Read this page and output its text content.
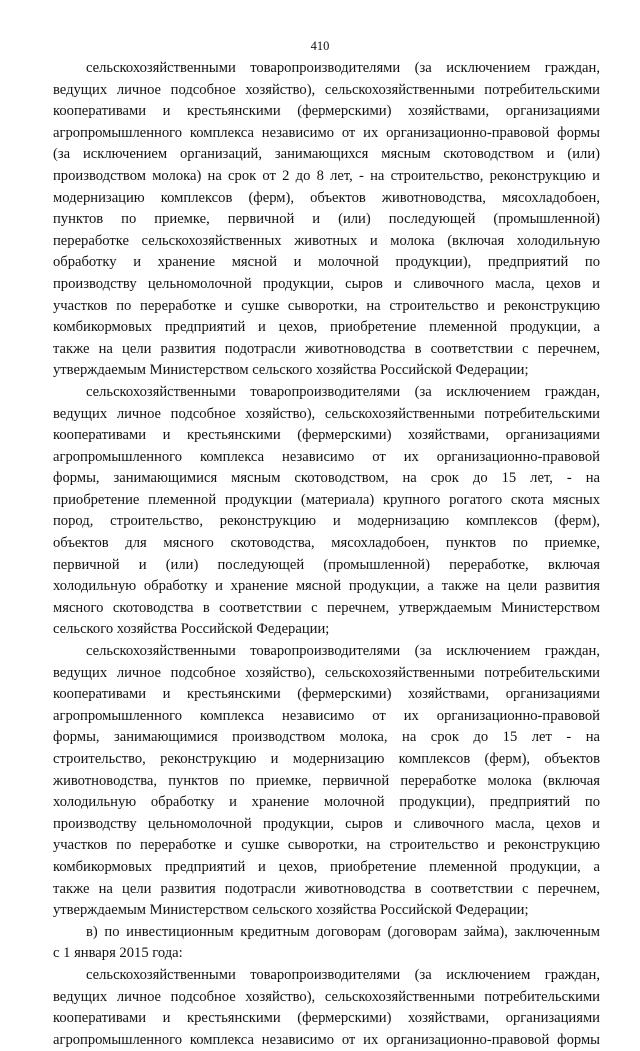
410
сельскохозяйственными товаропроизводителями (за исключением граждан,
ведущих личное подсобное хозяйство), сельскохозяйственными потребительскими
кооперативами и крестьянскими (фермерскими) хозяйствами, организациями
агропромышленного комплекса независимо от их организационно-правовой формы
(за исключением организаций, занимающихся мясным скотоводством и (или)
производством молока) на срок от 2 до 8 лет, - на строительство, реконструкцию и
модернизацию комплексов (ферм), объектов животноводства, мясохладобоен,
пунктов по приемке, первичной и (или) последующей (промышленной)
переработке сельскохозяйственных животных и молока (включая холодильную
обработку и хранение мясной и молочной продукции), предприятий по
производству цельномолочной продукции, сыров и сливочного масла, цехов и
участков по переработке и сушке сыворотки, на строительство и реконструкцию
комбикормовых предприятий и цехов, приобретение племенной продукции, а
также на цели развития подотрасли животноводства в соответствии с перечнем,
утверждаемым Министерством сельского хозяйства Российской Федерации;
сельскохозяйственными товаропроизводителями (за исключением граждан,
ведущих личное подсобное хозяйство), сельскохозяйственными потребительскими
кооперативами и крестьянскими (фермерскими) хозяйствами, организациями
агропромышленного комплекса независимо от их организационно-правовой
формы, занимающимися мясным скотоводством, на срок до 15 лет, - на
приобретение племенной продукции (материала) крупного рогатого скота мясных
пород, строительство, реконструкцию и модернизацию комплексов (ферм),
объектов для мясного скотоводства, мясохладобоен, пунктов по приемке,
первичной и (или) последующей (промышленной) переработке, включая
холодильную обработку и хранение мясной продукции, а также на цели развития
мясного скотоводства в соответствии с перечнем, утверждаемым Министерством
сельского хозяйства Российской Федерации;
сельскохозяйственными товаропроизводителями (за исключением граждан,
ведущих личное подсобное хозяйство), сельскохозяйственными потребительскими
кооперативами и крестьянскими (фермерскими) хозяйствами, организациями
агропромышленного комплекса независимо от их организационно-правовой
формы, занимающимися производством молока, на срок до 15 лет - на
строительство, реконструкцию и модернизацию комплексов (ферм), объектов
животноводства, пунктов по приемке, первичной переработке молока (включая
холодильную обработку и хранение молочной продукции), предприятий по
производству цельномолочной продукции, сыров и сливочного масла, цехов и
участков по переработке и сушке сыворотки, на строительство и реконструкцию
комбикормовых предприятий и цехов, приобретение племенной продукции, а
также на цели развития подотрасли животноводства в соответствии с перечнем,
утверждаемым Министерством сельского хозяйства Российской Федерации;
в) по инвестиционным кредитным договорам (договорам займа), заключенным
с 1 января 2015 года:
сельскохозяйственными товаропроизводителями (за исключением граждан,
ведущих личное подсобное хозяйство), сельскохозяйственными потребительскими
кооперативами и крестьянскими (фермерскими) хозяйствами, организациями
агропромышленного комплекса независимо от их организационно-правовой формы
